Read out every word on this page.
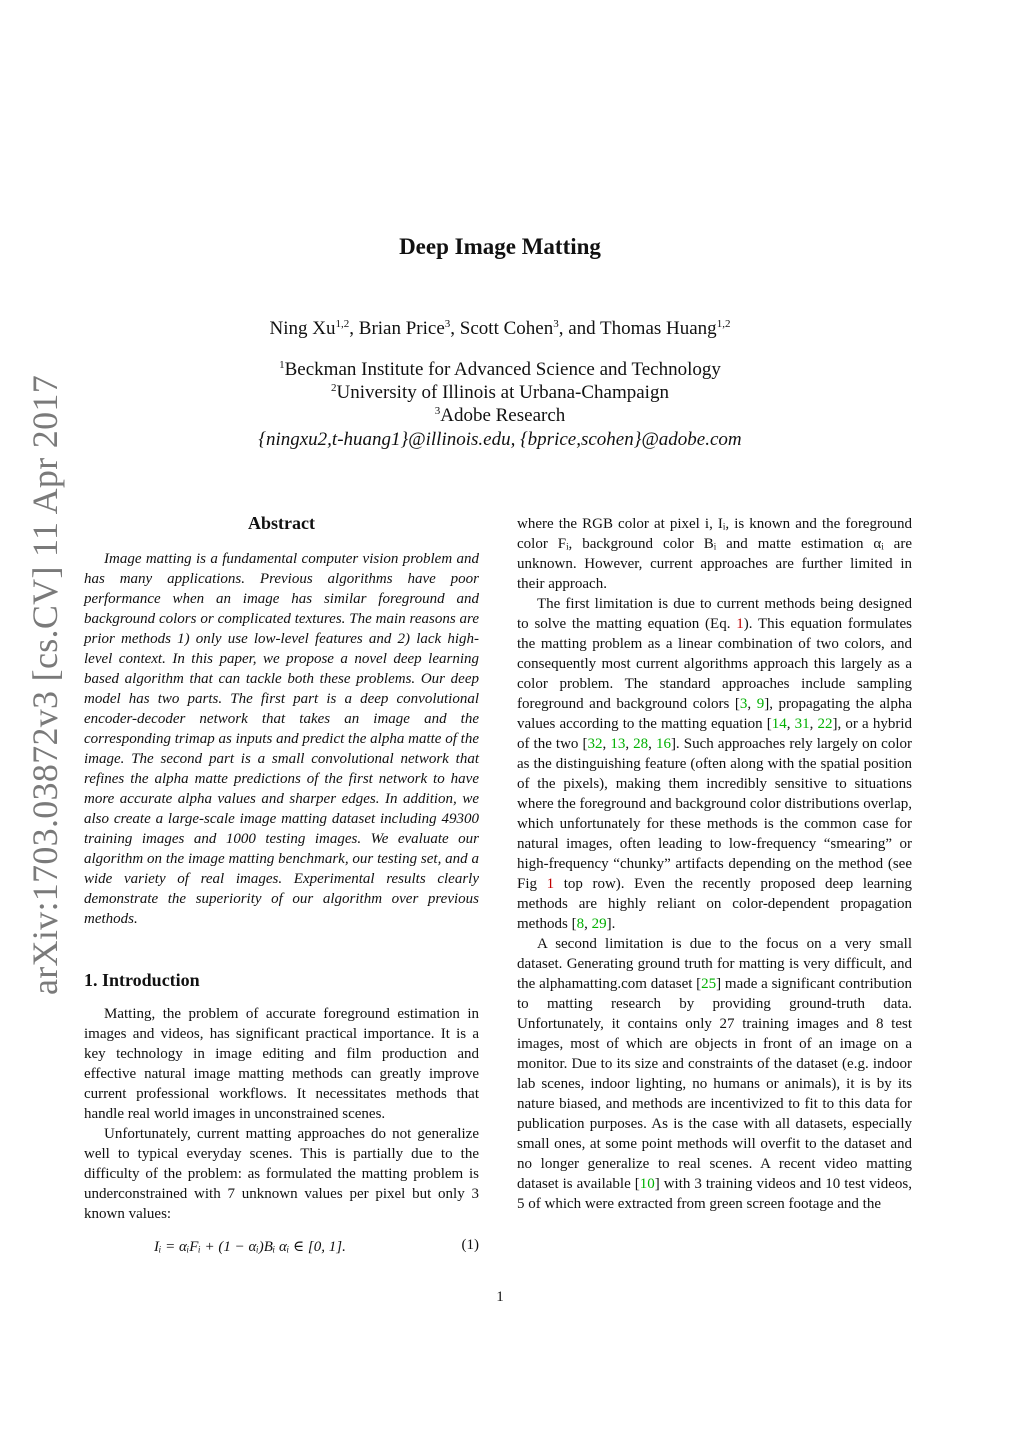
arXiv:1703.03872v3 [cs.CV] 11 Apr 2017
Deep Image Matting
Ning Xu$^{1,2}$, Brian Price$^3$, Scott Cohen$^3$, and Thomas Huang$^{1,2}$
$^1$Beckman Institute for Advanced Science and Technology
$^2$University of Illinois at Urbana-Champaign
$^3$Adobe Research
{ningxu2,t-huang1}@illinois.edu, {bprice,scohen}@adobe.com
Abstract

Image matting is a fundamental computer vision problem and has many applications. Previous algorithms have poor performance when an image has similar foreground and background colors or complicated textures. The main reasons are prior methods 1) only use low-level features and 2) lack high-level context. In this paper, we propose a novel deep learning based algorithm that can tackle both these problems. Our deep model has two parts. The first part is a deep convolutional encoder-decoder network that takes an image and the corresponding trimap as inputs and predict the alpha matte of the image. The second part is a small convolutional network that refines the alpha matte predictions of the first network to have more accurate alpha values and sharper edges. In addition, we also create a large-scale image matting dataset including 49300 training images and 1000 testing images. We evaluate our algorithm on the image matting benchmark, our testing set, and a wide variety of real images. Experimental results clearly demonstrate the superiority of our algorithm over previous methods.

1. Introduction

Matting, the problem of accurate foreground estimation in images and videos, has significant practical importance. It is a key technology in image editing and film production and effective natural image matting methods can greatly improve current professional workflows. It necessitates methods that handle real world images in unconstrained scenes.

Unfortunately, current matting approaches do not generalize well to typical everyday scenes. This is partially due to the difficulty of the problem: as formulated the matting problem is underconstrained with 7 unknown values per pixel but only 3 known values:

Iᵢ = αᵢFᵢ + (1 − αᵢ)Bᵢ αᵢ ∈ [0, 1].	(1)

where the RGB color at pixel i, Iᵢ, is known and the foreground color Fᵢ, background color Bᵢ and matte estimation αᵢ are unknown. However, current approaches are further limited in their approach.

The first limitation is due to current methods being designed to solve the matting equation (Eq. 1). This equation formulates the matting problem as a linear combination of two colors, and consequently most current algorithms approach this largely as a color problem. The standard approaches include sampling foreground and background colors [3, 9], propagating the alpha values according to the matting equation [14, 31, 22], or a hybrid of the two [32, 13, 28, 16]. Such approaches rely largely on color as the distinguishing feature (often along with the spatial position of the pixels), making them incredibly sensitive to situations where the foreground and background color distributions overlap, which unfortunately for these methods is the common case for natural images, often leading to low-frequency “smearing” or high-frequency “chunky” artifacts depending on the method (see Fig 1 top row). Even the recently proposed deep learning methods are highly reliant on color-dependent propagation methods [8, 29].

A second limitation is due to the focus on a very small dataset. Generating ground truth for matting is very difficult, and the alphamatting.com dataset [25] made a significant contribution to matting research by providing ground-truth data. Unfortunately, it contains only 27 training images and 8 test images, most of which are objects in front of an image on a monitor. Due to its size and constraints of the dataset (e.g. indoor lab scenes, indoor lighting, no humans or animals), it is by its nature biased, and methods are incentivized to fit to this data for publication purposes. As is the case with all datasets, especially small ones, at some point methods will overfit to the dataset and no longer generalize to real scenes. A recent video matting dataset is available [10] with 3 training videos and 10 test videos, 5 of which were extracted from green screen footage and the

1
